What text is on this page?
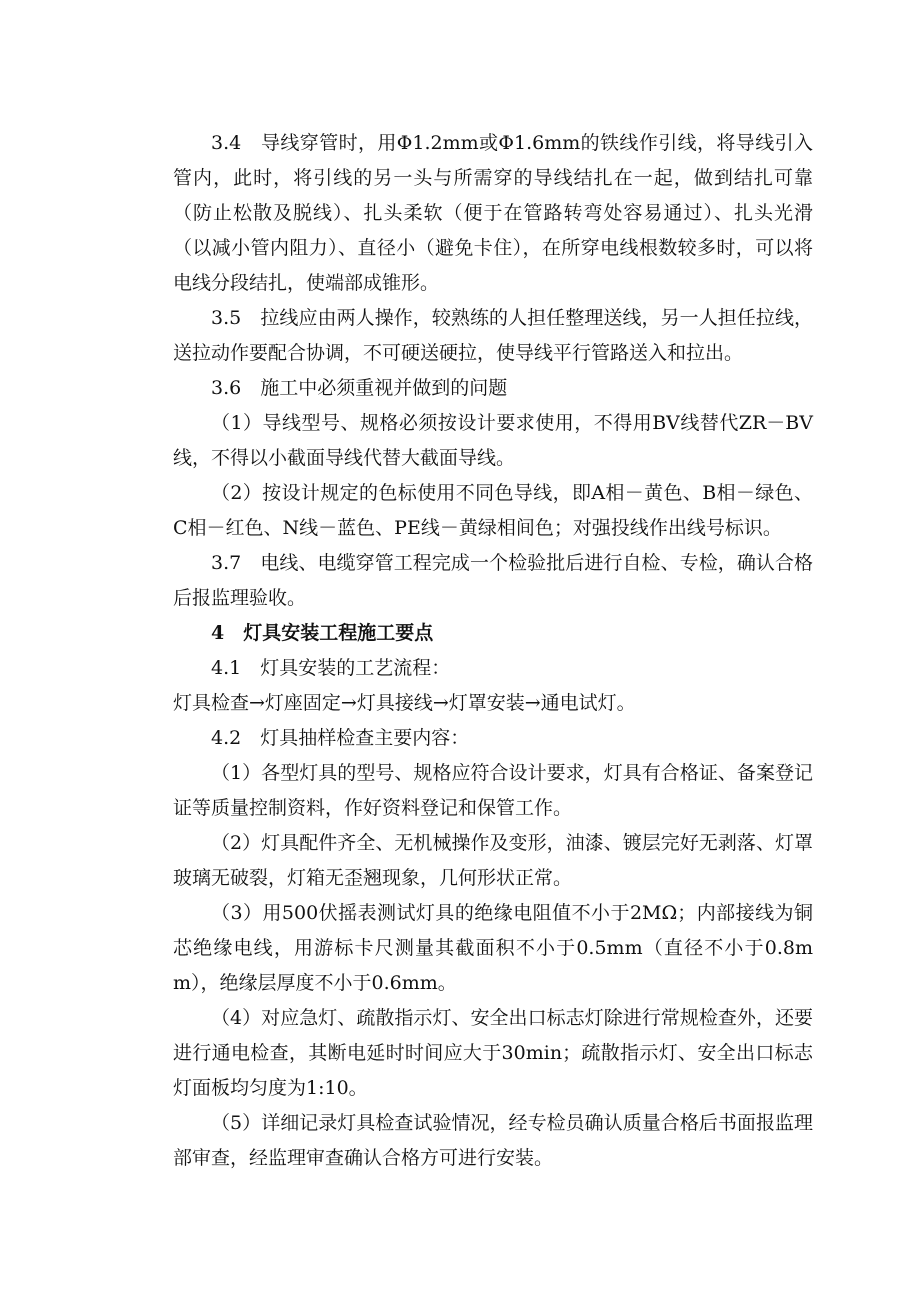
3.4　导线穿管时，用Φ1.2mm或Φ1.6mm的铁线作引线，将导线引入管内，此时，将引线的另一头与所需穿的导线结扎在一起，做到结扎可靠（防止松散及脱线）、扎头柔软（便于在管路转弯处容易通过）、扎头光滑（以减小管内阻力）、直径小（避免卡住），在所穿电线根数较多时，可以将电线分段结扎，使端部成锥形。

3.5　拉线应由两人操作，较熟练的人担任整理送线，另一人担任拉线，送拉动作要配合协调，不可硬送硬拉，使导线平行管路送入和拉出。

3.6　施工中必须重视并做到的问题

（1）导线型号、规格必须按设计要求使用，不得用BV线替代ZR－BV线，不得以小截面导线代替大截面导线。

（2）按设计规定的色标使用不同色导线，即A相－黄色、B相－绿色、C相－红色、N线－蓝色、PE线－黄绿相间色；对强投线作出线号标识。

3.7　电线、电缆穿管工程完成一个检验批后进行自检、专检，确认合格后报监理验收。

4　灯具安装工程施工要点

4.1　灯具安装的工艺流程：

灯具检查→灯座固定→灯具接线→灯罩安装→通电试灯。

4.2　灯具抽样检查主要内容：

（1）各型灯具的型号、规格应符合设计要求，灯具有合格证、备案登记证等质量控制资料，作好资料登记和保管工作。

（2）灯具配件齐全、无机械操作及变形，油漆、镀层完好无剥落、灯罩玻璃无破裂，灯箱无歪翘现象，几何形状正常。

（3）用500伏摇表测试灯具的绝缘电阻值不小于2MΩ；内部接线为铜芯绝缘电线，用游标卡尺测量其截面积不小于0.5mm（直径不小于0.8mm），绝缘层厚度不小于0.6mm。

（4）对应急灯、疏散指示灯、安全出口标志灯除进行常规检查外，还要进行通电检查，其断电延时时间应大于30min；疏散指示灯、安全出口标志灯面板均匀度为1:10。

（5）详细记录灯具检查试验情况，经专检员确认质量合格后书面报监理部审查，经监理审查确认合格方可进行安装。
